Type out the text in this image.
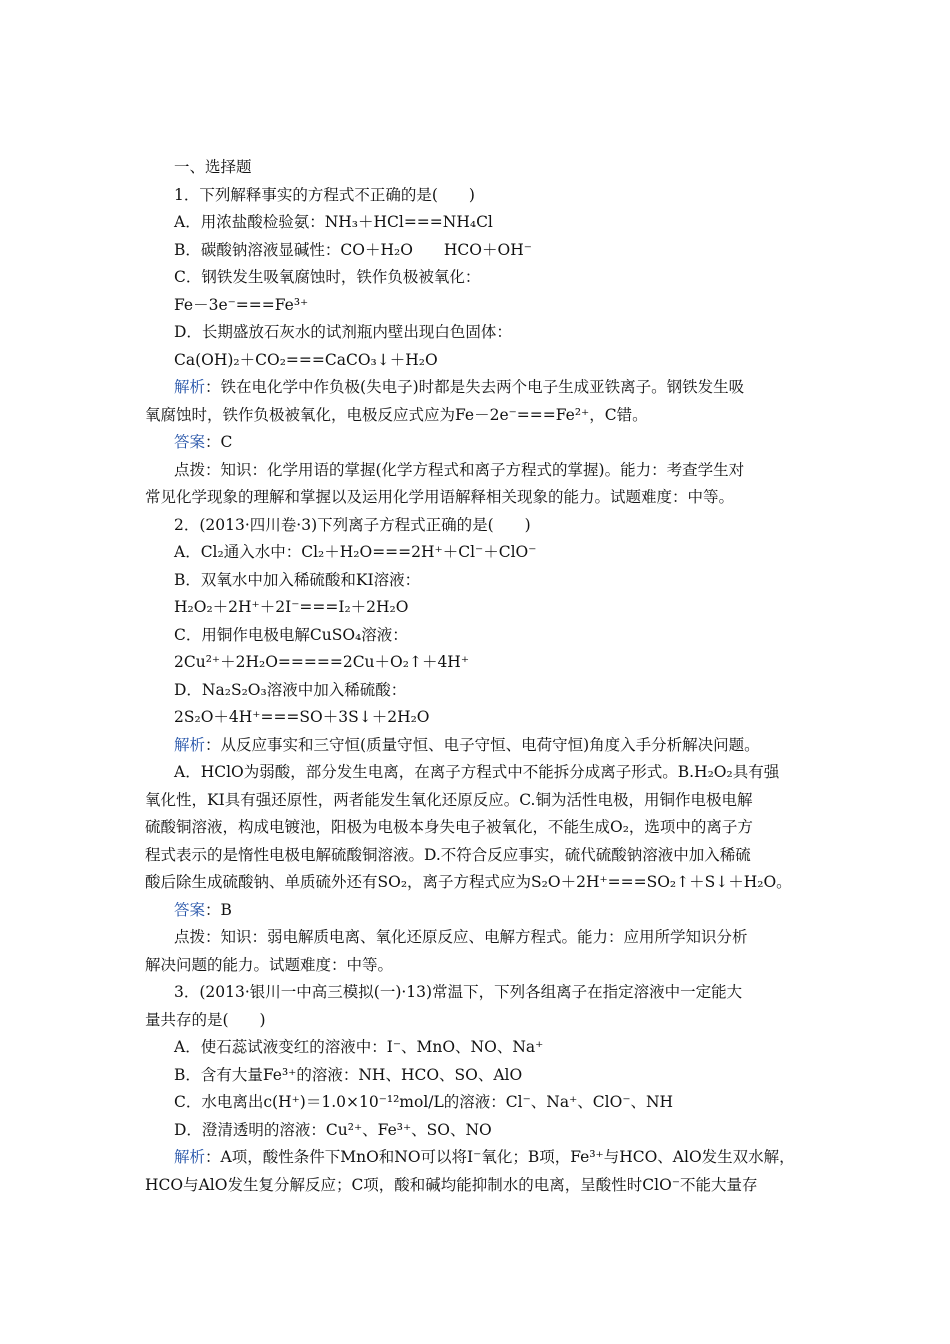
一、选择题
1．下列解释事实的方程式不正确的是(　　)
A．用浓盐酸检验氨：NH₃＋HCl===NH₄Cl
B．碳酸钠溶液显碱性：CO＋H₂O　　HCO＋OH⁻
C．钢铁发生吸氧腐蚀时，铁作负极被氧化：
Fe－3e⁻===Fe³⁺
D．长期盛放石灰水的试剂瓶内壁出现白色固体：
Ca(OH)₂＋CO₂===CaCO₃↓＋H₂O
解析：铁在电化学中作负极(失电子)时都是失去两个电子生成亚铁离子。钢铁发生吸
氧腐蚀时，铁作负极被氧化，电极反应式应为Fe－2e⁻===Fe²⁺，C错。
答案：C
点拨：知识：化学用语的掌握(化学方程式和离子方程式的掌握)。能力：考查学生对
常见化学现象的理解和掌握以及运用化学用语解释相关现象的能力。试题难度：中等。
2．(2013·四川卷·3)下列离子方程式正确的是(　　)
A．Cl₂通入水中：Cl₂＋H₂O===2H⁺＋Cl⁻＋ClO⁻
B．双氧水中加入稀硫酸和KI溶液：
H₂O₂＋2H⁺＋2I⁻===I₂＋2H₂O
C．用铜作电极电解CuSO₄溶液：
2Cu²⁺＋2H₂O=====2Cu＋O₂↑＋4H⁺
D．Na₂S₂O₃溶液中加入稀硫酸：
2S₂O＋4H⁺===SO＋3S↓＋2H₂O
解析：从反应事实和三守恒(质量守恒、电子守恒、电荷守恒)角度入手分析解决问题。
A．HClO为弱酸，部分发生电离，在离子方程式中不能拆分成离子形式。B.H₂O₂具有强
氧化性，KI具有强还原性，两者能发生氧化还原反应。C.铜为活性电极，用铜作电极电解
硫酸铜溶液，构成电镀池，阳极为电极本身失电子被氧化，不能生成O₂，选项中的离子方
程式表示的是惰性电极电解硫酸铜溶液。D.不符合反应事实，硫代硫酸钠溶液中加入稀硫
酸后除生成硫酸钠、单质硫外还有SO₂，离子方程式应为S₂O＋2H⁺===SO₂↑＋S↓＋H₂O。
答案：B
点拨：知识：弱电解质电离、氧化还原反应、电解方程式。能力：应用所学知识分析
解决问题的能力。试题难度：中等。
3．(2013·银川一中高三模拟(一)·13)常温下，下列各组离子在指定溶液中一定能大
量共存的是(　　)
A．使石蕊试液变红的溶液中：I⁻、MnO、NO、Na⁺
B．含有大量Fe³⁺的溶液：NH、HCO、SO、AlO
C．水电离出c(H⁺)＝1.0×10⁻¹²mol/L的溶液：Cl⁻、Na⁺、ClO⁻、NH
D．澄清透明的溶液：Cu²⁺、Fe³⁺、SO、NO
解析：A项，酸性条件下MnO和NO可以将I⁻氧化；B项，Fe³⁺与HCO、AlO发生双水解，
HCO与AlO发生复分解反应；C项，酸和碱均能抑制水的电离，呈酸性时ClO⁻不能大量存
